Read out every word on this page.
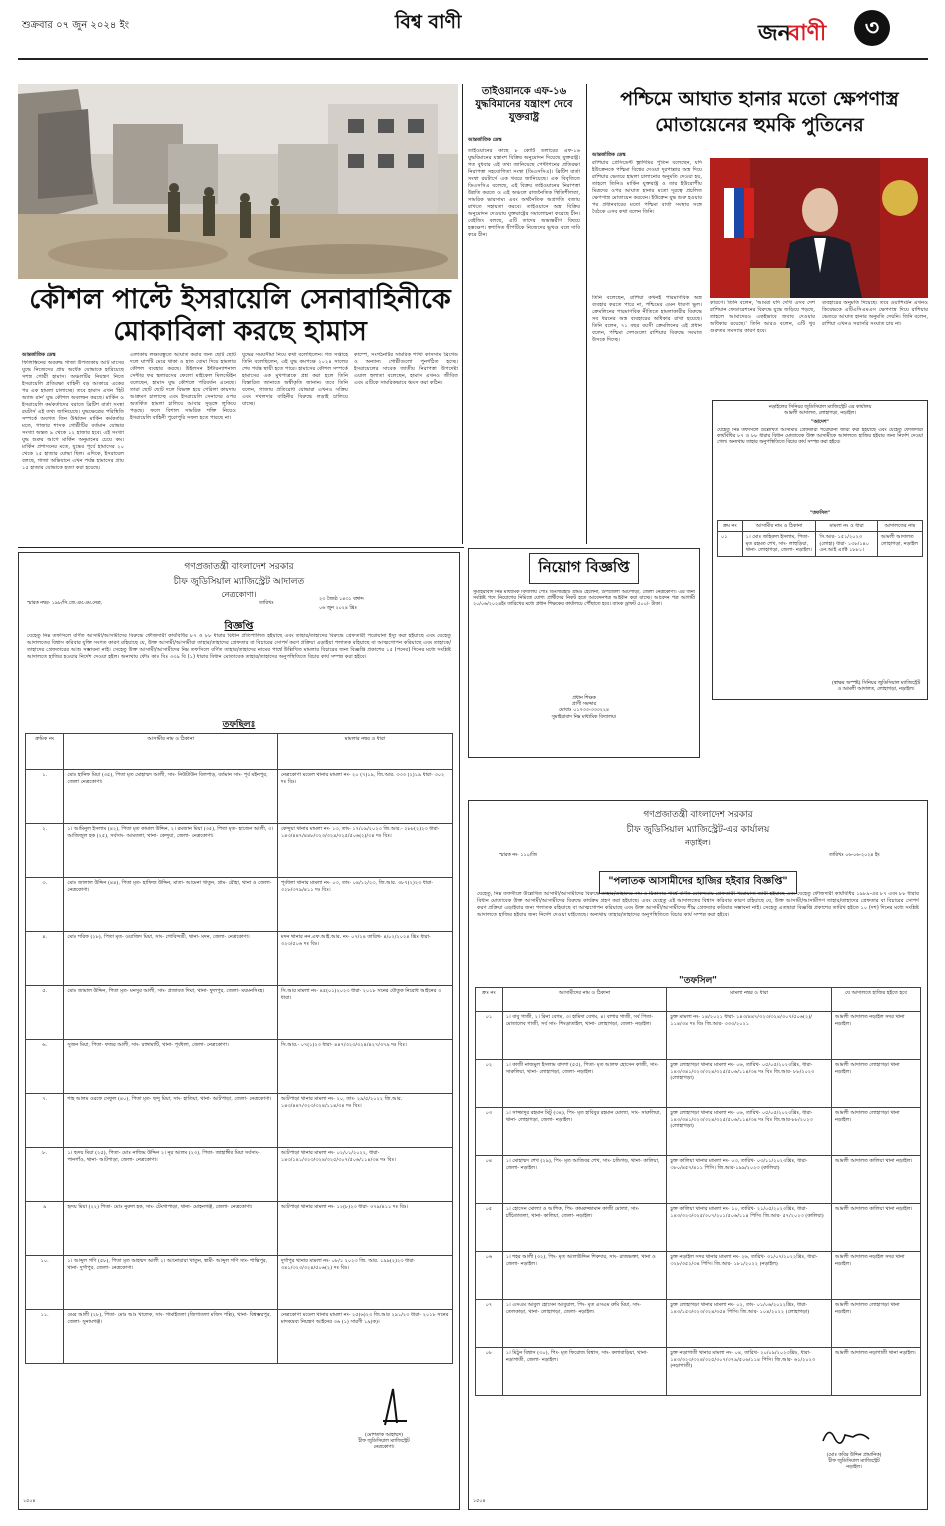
শুক্রবার ০৭ জুন ২০২৪ ইং	বিশ্ব বাণী	জন
বাণী	৩
কৌশল পাল্টে ইসরায়েলি সেনাবাহিনীকে
মোকাবিলা করছে হামাস
আন্তর্জাতিক ডেস্ক
ফিলিস্তিনের অবরুদ্ধ গাজা উপত্যকায় আট মাসের যুদ্ধে নিজেদের প্রায় অর্ধেক যোদ্ধাকে হারিয়েছে সশস্ত্র গোষ্ঠী হামাস। অঞ্চলটির নিয়ন্ত্রণ নিতে ইসরায়েলি প্রতিরক্ষা বাহিনী বড় আকারে একের পর এক হামলা চালাচ্ছে। তবে হামাস এখন 'হিট অ্যান্ড রান' যুদ্ধ কৌশল অবলম্বন করছে। মার্কিন ও ইসরায়েলি কর্মকর্তাদের বরাতে ব্রিটিশ বার্তা সংস্থা রয়টার্স এই তথ্য জানিয়েছে। যুদ্ধক্ষেত্রের পরিস্থিতি সম্পর্কে অবগত তিন উর্ধ্বতন মার্কিন কর্মকর্তার মতে, গাজার শাসক গোষ্ঠীটির বর্তমান যোদ্ধার সংখ্যা অন্তত ৯ থেকে ১২ হাজার হবে। এই সংখ্যা যুদ্ধ শুরুর আগে মার্কিন অনুমানের চেয়ে কম। মার্কিন প্রশাসনের মতে, যুদ্ধের পূর্বে হামাসের ২০ থেকে ২৫ হাজার যোদ্ধা ছিল। এদিকে, ইসরায়েল বলছে, গাজা অভিযানে এখন পর্যন্ত হামাসের প্রায় ১৫ হাজার যোদ্ধাকে হত্যা করা হয়েছে।
এলাকায় লক্ষ্যবস্তুতে আঘাত করার জন্য ছোট ছোট দলে ঘাপটি মেরে থাকা ও হাত বোমা দিয়ে হামলার কৌশল ব্যবহার করছে। উইলসন ইন্টারন্যাশনাল সেন্টার ফর স্কলারসের ফেলো মাইকেল মিলস্টেইন বলেছেন, হামাস যুদ্ধ কৌশলে পরিবর্তন এনেছে। তারা ছোট ছোট দলে বিভক্ত হয়ে গেরিলা কায়দায় আক্রমণ চালাচ্ছে এবং ইসরায়েলি সেনাদের ওপর অতর্কিত হামলা চালিয়ে আবার সুড়ঙ্গে লুকিয়ে পড়ছে। ফলে বিশাল সামরিক শক্তি নিয়েও ইসরায়েলি বাহিনী পুরোপুরি সফল হতে পারছে না।
যুদ্ধের সময়সীমা নিয়ে কথা বলেছিলেন। গত সপ্তাহে তিনি বলেছিলেন, এই যুদ্ধ কমপক্ষে ২০২৪ সালের শেষ পর্যন্ত স্থায়ী হতে পারে। হামাসের কৌশল সম্পর্কে হামাসের এক মুখপাত্রকে প্রশ্ন করা হলে তিনি বিস্তারিত জানাতে অস্বীকৃতি জানান। তবে তিনি বলেন, গাজায় প্রতিরোধ যোদ্ধারা এখনও সক্রিয় এবং দখলদার বাহিনীর বিরুদ্ধে লড়াই চালিয়ে যাচ্ছে।
কাম্পে, সংগঠনটির সামরিক শাখা কাসসাম ব্রিগেড ও অন্যান্য গোষ্ঠীগুলো পুনর্গঠিত হচ্ছে। ইসরায়েলের সাবেক জাতীয় নিরাপত্তা উপদেষ্টা এয়াল হুলাতা বলেছেন, হামাস এখনও জীবিত এবং এটিকে সামরিকভাবে ধ্বংস করা কঠিন।
তাইওয়ানকে এফ-১৬ যুদ্ধবিমানের যন্ত্রাংশ দেবে যুক্তরাষ্ট্র
আন্তর্জাতিক ডেস্ক
তাইওয়ানের কাছে ৮ কোটি ডলারের এফ-১৬ যুদ্ধবিমানের যন্ত্রাংশ বিক্রির অনুমোদন দিয়েছে যুক্তরাষ্ট্র। গত বুধবার এই তথ্য জানিয়েছে পেন্টাগনের প্রতিরক্ষা নিরাপত্তা সহযোগিতা সংস্থা (ডিএসসিএ)। ব্রিটিশ বার্তা সংস্থা রয়টার্সে এক খবরে জানিয়েছে। এক বিবৃতিতে ডিএসসিএ বলেছে, এই বিক্রয় তাইওয়ানের নিরাপত্তা উন্নতি করতে ও এই অঞ্চলে রাজনৈতিক স্থিতিশীলতা, সামরিক ভারসাম্য এবং অর্থনৈতিক অগ্রগতি বজায় রাখতে সহায়তা করবে। তাইওয়ানে অস্ত্র বিক্রির অনুমোদন দেওয়ায় যুক্তরাষ্ট্রের সমালোচনা করেছে চীন। বেইজিং বলছে, এটি তাদের অভ্যন্তরীণ বিষয়ে হস্তক্ষেপ। স্বশাসিত দ্বীপটিকে নিজেদের ভূখণ্ড বলে দাবি করে চীন।
পশ্চিমে আঘাত হানার মতো ক্ষেপণাস্ত্র
মোতায়েনের হুমকি পুতিনের
আন্তর্জাতিক ডেস্ক
রাশিয়ার প্রেসিডেন্ট ভ্লাদিমির পুতিন বলেছেন, যদি ইউক্রেনকে পশ্চিমা বিশ্বের দেওয়া দূরপাল্লার অস্ত্র দিয়ে রাশিয়ার ভেতরে হামলা চালানোর অনুমতি দেওয়া হয়, তাহলে তিনিও মার্কিন যুক্তরাষ্ট্র ও তার ইউরোপীয় মিত্রদের ওপর আঘাত হানার মতো দূরত্বে প্রচলিত ক্ষেপণাস্ত্র মোতায়েন করবেন। ইউক্রেন যুদ্ধ শুরু হওয়ার পর প্রধানবারের মতো পশ্চিমা বার্তা সংস্থার সঙ্গে বৈঠকে এসব কথা বলেন তিনি।
তিনি বলেছেন, রাশিয়া কখনই পারমাণবিক অস্ত্র ব্যবহার করতে পারে না, পশ্চিমের এমন ধারণা ভুল। ক্রেমলিনের পারমাণবিক নীতিতে হামলাকারীর বিরুদ্ধে সব ধরনের অস্ত্র ব্যবহারের অধিকার রাখা হয়েছে। তিনি বলেন, ৭১ বছর বয়সী ক্রেমলিনের এই প্রধান বলেন, পশ্চিমা দেশগুলো রাশিয়ার বিরুদ্ধে সংঘাত উসকে দিচ্ছে।
কারণে। তিনি বলেন, 'আমরা যদি দেখি এসব দেশ রাশিয়ান ফেডারেশনের বিরুদ্ধে যুদ্ধে জড়িয়ে পড়ছে, তাহলে আমাদেরও একইভাবে জবাব দেওয়ার অধিকার রয়েছে।' তিনি আরও বলেন, এটি খুব গুরুতর সমস্যার কারণ হবে।
ব্যবহারের অনুমতি দিয়েছে। তবে ওয়াশিংটন এখনও কিয়েভকে এটিএসিএমএস ক্ষেপণাস্ত্র দিয়ে রাশিয়ার ভেতরে আঘাত হানার অনুমতি দেয়নি। তিনি বলেন, রাশিয়া এখনও সরাসরি সংঘাত চায় না।
নড়াইলের সিনিয়র জুডিসিয়াল ম্যাজিস্ট্রেট এর কার্যালয়
আমলী আদালত, লোহাগড়া, নড়াইল।
"আদেশ"
যেহেতু নিম্ন তফসিলে উল্লেখিত আসামীর গ্রেফতারী পরোয়ানা জারী করা হইয়াছে এবং যেহেতু ফৌজদারী কার্যবিধির ৮৭ ও ৮৮ ধারার বিধান মোতাবেক উক্ত আসামীকে আদালতে হাজির হইবার জন্য নির্দেশ দেওয়া গেল। অন্যথায় তাহার অনুপস্থিতিতে বিচার কার্য সম্পন্ন করা হইবে।
"তফসিল"
ক্রম নং	আসামীর নাম ও ঠিকানা	মামলা নং ও ধারা	আদালতের নাম
০১	১। মোঃ জহিরুল ইসলাম, পিতা- মৃত রহমত শেখ, সাং- লাহুড়িয়া, থানা- লোহাগড়া, জেলা- নড়াইল।	সি.আর- ১৫১/২০২৩ (লোহা) ধারা- ১৩৮/১৪০ এন.আই এ্যাক্ট ১৮৮১।	আমলী আদালত লোহাগড়া, নড়াইল
(স্বাক্ষর অস্পষ্ট) সিনিয়র জুডিসিয়াল ম্যাজিস্ট্রেট ও আমলী আদালত, লোহাগড়া, নড়াইল।
নিয়োগ বিজ্ঞপ্তি
সুমাইরাবাদ নিম্ন মাধ্যমিক বিদ্যালয় পোঃ ডিংগারহাট গ্রামঃ হেলেনা, উপজেলা আটপাড়া, জেলা নেত্রকোণা। এর জন্য সংশ্লিষ্ট পদে নিয়োগের নিমিত্তে যোগ্য প্রার্থীদের নিকট হতে আবেদনপত্র আহ্বান করা যাচ্ছে। আবেদন পত্র আগামী ২০/০৬/২০২৪ইং তারিখের মধ্যে প্রধান শিক্ষকের কার্যালয়ে পৌঁছাতে হবে। ব্যাংক ড্রাফট ৫০০/- টাকা।
প্রধান শিক্ষক
প্রাণী সমদ্দার
মোবাঃ ০১৭৩৩-৩৩৩২২৪
সুমাইরাবাদ নিম্ন মাধ্যমিক বিদ্যালয়।
গণপ্রজাতন্ত্রী বাংলাদেশ সরকার
চীফ জুডিসিয়াল ম্যাজিস্ট্রেট আদালত
নেত্রকোণা।
স্মারক নম্বর- ১৯৮/সি.জে.এম.এম.নেত্র,	তারিখঃ
২৩ জ্যৈষ্ঠ ১৪৩১ বঙ্গাব্দ
০৬ জুন ২০২৪ খ্রিঃ
বিজ্ঞপ্তি
যেহেতু নিম্ন তফসিলে বর্ণিত আসামী/আসামীদের বিরুদ্ধে ফৌজদারী কার্যবিধির ৮৭ ও ৮৮ ধারার বিধান প্রতিপালিত হইয়াছে এবং তাহার/তাহাদের বিরুদ্ধে গ্রেফতারী পরোয়ানা ইস্যু করা হইয়াছে এবং যেহেতু আদালতের বিশ্বাস করিবার যুক্তি সংগত কারণ রহিয়াছে যে, উক্ত আসামী/আসামীরা তাহার/তাহাদের গ্রেফতার বা বিচারের সোপর্দ করণ প্রক্রিয়া এড়াইয়া পলাতক রহিয়াছে বা আত্মগোপন করিয়াছে এবং তাহাকে/তাহাদের গ্রেফতারের আশু সম্ভাবনা নাই। সেহেতু উক্ত আসামী/আসামীদের নিম্ন তফসিলে বর্ণিত তাহার/তাহাদের নামের পার্শ্বে উল্লিখিত মামলার বিচারের জন্য বিজ্ঞপ্তি প্রকাশের ১৫ (পনের) দিনের মধ্যে সংশ্লিষ্ট আদালতে হাজির হওয়ার নির্দেশ দেওয়া হইল। অন্যথায় ফৌঃ কাঃ বিঃ ৩৩৯ বি (১) ধারার বিধান মোতাবেক তাহার/তাহাদের অনুপস্থিতিতে বিচার কার্য সম্পন্ন করা হইবে।
তফছিলঃ
ক্রমিক নং	আসামীর নাম ও ঠিকানা	মামলার নম্বর ও ধারা
১.	মোঃ হানিফ মিয়া (৩৫), পিতা মৃত মোহাম্মদ আলী, সাং- নিউটাউন বিলপাড়, বর্তমান সাং- পূর্ব মইনপুর, জেলা নেত্রকোণা।	নেত্রকোণা মডেল থানার মামলা নং- ২০ (৭)১৯, জি.আর. ৩৩৩ (২)১৯ ধারা- ৩০২ দঃ বিঃ।
২.	১। আমিনুল ইসলাম (৪২), পিতা মৃত কামাল উদ্দিন, ২। রমজান মিয়া (৩৫), পিতা মৃত- হাজেন আলী, ৩। আজিজুল হক (২৫), সর্বসাং- আমতলা, থানা- কেন্দুয়া, জেলা- নেত্রকোণা।	কেন্দুয়া থানার মামলা নং- ১৩, তাং- ১৭/০৯/২০২৩ জি.আর.- ২৮৮(২)২৩ ধারা- ১৪৩/৪৪৭/৪৪৮/৩২৩/৩২৪/৩২৫/৫০৬(২)/৩৪ দঃ বিঃ।
৩.	মোঃ জালাল উদ্দিন (৪৪), পিতা মৃত- হাফিজ উদ্দিন, মাতা- আমেনা খাতুন, গ্রাম- রৌহা, থানা ও জেলা- নেত্রকোণা।	পূর্বধলা থানার মামলা নং- ০৩, তাং- ০৪/১২/২৩, জি.আর. ৩৮৭(২)২৩ ধারা- ৩২৮/৩৭৯/৪১১ দঃ বিঃ।
৪.	মোঃ শরিফ (২৮), পিতা মৃত- ওয়াজিদ মিয়া, সাং- গোবিন্দশ্রী, থানা- মদন, জেলা- নেত্রকোণা।	মদন থানার নন.এফ.আই.আর. নং- ০৭/২৪ তারিখ- ৪/০২/২০২৪ খ্রিঃ ধারা- ৩২৩/৫০৬ দঃ বিঃ।
৫.	মোঃ জামাল উদ্দিন, পিতা মৃত- মনসুর আলী, সাং- প্রজাবত দিঘা, থানা- ফুলপুর, জেলা- ময়মনসিংহ।	সি.আর মামলা নং- ৪৫(০১)২০২৩ ধারা- ২০১৮ সনের যৌতুক নিরোধ আইনের ৩ ধারা।
৬.	সুজন মিয়া, পিতা- ফজর আলী, সাং- রাঙ্গামাটি, থানা- পূর্বধলা, জেলা- নেত্রকোণা।	সি.আর.- ০৭(১)২৩ ধারা- ৪৪৭/৩২৩/৩২৪/৪২৭/৩৭৯ দঃ বিঃ।
৭.	শাহ আলম ওরফে সেফুল (৪০), পিতা মৃত- ছন্দু মিয়া, সাং- হাতিয়া, থানা- আটপাড়া, জেলা- নেত্রকোণা।	আটপাড়া থানার মামলা নং- ২০, তাং- ২৯/৫/২০২২ জি.আর. ১৪৩/৪৪৭/৩২৩/৩২৪/১১৪/৩৪ দঃ বিঃ।
৮.	১। হৃদয় মিয়া (২৫), পিতা- মোঃ নাজিম উদ্দিন ২। নূর আলম (২৩), পিতা- জাহাঙ্গীর মিয়া সর্বসাং- পানগাঁও, থানা- আটপাড়া, জেলা- নেত্রকোণা।	আটপাড়া থানার মামলা নং- ০২/০১/২০২২, ধারা- ১৪৩/১৪১/৩২৩/৩২৪/৩২৫/৩০৭/৫০৬/১১৪/৩৪ দঃ বিঃ।
৯	হৃদয় মিয়া (২২) পিতা- মোঃ নুরুল হক, সাং- টেংগাপাড়া, থানা- মোহনগঞ্জ, জেলা- নেত্রকোণা।	আটপাড়া থানার মামলা নং- ১২(৮)২৩ ধারা- ৩৭৯/৪১১ দঃ বিঃ।
১০.	১। আব্দুল গণি (৫৮), পিতা মৃত আহম্মদ আলী ২। আনোয়ারা খাতুন, স্বামী- আব্দুল গণি সাং- শান্তিপুর, থানা- দুর্গাপুর, জেলা- নেত্রকোণা।	দুর্গাপুর থানার মামলা নং- ০৮/১ ২০২৩ জি. আর. ১৯৯(২)২৩ ধারা- ৩৪১/৩২৩/৩২৪/৫০৬(২) দঃ বিঃ।
১১.	ওমর আলী (২৮), পিতা- মোঃ আঃ খালেক, সাং- গামাইতলা (জিগাতলা মজিদ পল্লি), থানা- বিশ্বম্ভরপুর, জেলা- সুনামগঞ্জ।	নেত্রকোণা মডেল থানার মামলা নং- ২৫(৬)২৩ জি.আর ২৯১/২৩ ধারা- ২০১৮ সনের মাদকদ্রব্য নিয়ন্ত্রণ আইনের ৩৬ (১) সারণী ১৯(ক)।
(মোশতাক আহাম্মদ)
চীফ জুডিসিয়াল ম্যাজিস্ট্রেট
নেত্রকোণা।
১৫০৪
গণপ্রজাতন্ত্রী বাংলাদেশ সরকার
চীফ জুডিসিয়াল ম্যাজিস্ট্রেট-এর কার্যালয়
নড়াইল।
স্মারক নং- ১১০/জি	তারিখঃ ০৬-০৬-২০২৪ ইং
"পলাতক আসামীদের হাজির হইবার বিজ্ঞপ্তি"
যেহেতু, নিম্ন তফসীলে উল্লেখিত আসামী/আসামীদের বিরুদ্ধে তাহার/তাহাদের নাম ও ঠিকানার পার্শ্বে বর্ণিত মোকদ্দমায় গ্রেফতারী পরোয়ানা জারী হইয়াছে এবং যেহেতু ফৌজদারী কার্যবিধির ১৯৮৯-এর ৮৭ এবং ৮৮ ধারার বিধান মোতাবেক উক্ত আসামী/আসামীদের বিরুদ্ধে কার্যক্রম গ্রহণ করা হইয়াছে। এবং যেহেতু এই আদালতের বিশ্বাস করিবার কারণ রহিয়াছে যে, উক্ত আসামী/আসামীগণ তাহার/তাহাদের গ্রেফতার বা বিচারের সোপর্দ করণ প্রক্রিয়া এড়াইবার জন্য পলাতক রহিয়াছে বা আত্মগোপন করিয়াছে এবং উক্ত আসামী/আসামীদের শীঘ্র গ্রেফতার করিবার সম্ভাবনা নাই। সেহেতু এতদ্বারা বিজ্ঞপ্তি প্রকাশের তারিখ হইতে ১০ (দশ) দিনের মধ্যে সংশ্লিষ্ট আদালতে হাজির হইবার জন্য নির্দেশ দেওয়া যাইতেছে। অন্যথায় তাহার/তাহাদের অনুপস্থিতিতে বিচার কার্য সম্পন্ন করা হইবে।
"তফসিল"
ক্রঃ নং	আসামীদের নাম ও ঠিকানা	মামলা নম্বর ও ধারা	যে আদালতে হাজির হইতে হবে
০১	১। বাবু গাজী, ২। রিনা বেগম, ৩। হামিদা বেগম, ৪। বাশার গাজী, সর্ব পিতা- মোতালেব গাজী, সর্ব সাং- শিংড়াতাইল, থানা- লোহাগড়া, জেলা- নড়াইল।	চুক্ত মামলা নং- ১৪/২০২১ ধারা- ১৪৩/৪৪৭/৩২৩/৩২৪/৩০৭/৫০৬(২)/১১৪/৩৪ দঃ বিঃ জি.আর- ৩৩৩/২০২১	আমলী আদালত নড়াইল সদর থানা নড়াইল।
০২	১। কাজী নাজমুল ইসলাম বাদশা (৫৫), পিতা- মৃত আলফ হোসেন কাজী, সাং- সারুলিয়া, থানা- লোহাগড়া, জেলা- নড়াইল।	চুক্ত লোহাগড়া থানার মামলা নং- ০৬, তারিখ- ০৫/০৫/২০২৩খ্রিঃ, ধারা- ১৪৩/৩৪১/৩২৩/৩২৪/৩২৫/৫০৬/১১৪/৩৪ দঃ বিঃ জি.আর- ৮৮/২০২৩ (লোহাগড়া)	আমলী আদালত লোহাগড়া থানা নড়াইল।
০৩	১। সাজ্জাদুর রহমান মিটু (৩৪), পিং- মৃত হাবিবুর রহমান মোল্যা, সাং- সারুলিয়া, থানা- লোহাগড়া, জেলা- নড়াইল।	চুক্ত লোহাগড়া থানার মামলা নং- ০৬, তারিখ- ০৫/০৫/২০২৩খ্রিঃ, ধারা- ১৪৩/৩৪১/৩২৩/৩২৪/৩২৫/৫০৬/১১৪/৩৪ দঃ বিঃ জি.আর-৮৮/২০২৩ (লোহাগড়া)	আমলী আদালত লোহাগড়া থানা নড়াইল।
০৪	১। মোহাম্মদ শেখ (২৯), পিং- মৃত আজিবর শেখ, সাং- চন্ডিগড়, থানা- কালিয়া, জেলা- নড়াইল।	চুক্ত কালিয়া থানার মামলা নং- ০৩, তারিখ- ০৩/১১/২০২৩খ্রিঃ, ধারা- ৩৮০/৪৫৭/৪১১ পিসি। জি.আর-১৯৯/২০২৩ (কালিয়া)	আমলী আদালত কালিয়া থানা নড়াইল।
০৫	১। হোসেন মোল্যা ও আশিক, পিং- কামরুজ্জামান কাজী মোল্যা, সাং- চাঁচিতাতলা, থানা- কালিয়া, জেলা- নড়াইল।	চুক্ত কালিয়া থানার মামলা নং- ১০, তারিখ- ২১/০৫/২০২৩খ্রিঃ, ধারা- ১৪৩/৩২৩/৩২৫/৩০৭/২০১/৫০৬/১১৪ পিসি। জি.আর- ৫৭/২০২৩ (কালিয়া)	আমলী আদালত কালিয়া থানা নড়াইল।
০৬	১। শহর আলী (৩২), পিং- মৃত আলাউদ্দিন শিকদার, সাং- রাজভক্তা, থানা ও জেলা- নড়াইল।	চুক্ত নড়াইল সদর থানার মামলা নং- ২৬, তারিখ- ৩১/০৭/২০২২খ্রিঃ, ধারা- ৩২৮/৩৫২/৩৪ পিসি। জি.আর- ১৮১/২০২২ (নড়াইল)	আমলী আদালত নড়াইল সদর থানা নড়াইল।
০৭	১। এসএম আবুল হোসেন আবুয়াল, পিং- মৃত এসএম রুমি মিয়া, সাং- তেলকাড়া, থানা- লোহাগড়া, জেলা- নড়াইল।	চুক্ত লোহাগড়া থানার মামলা নং- ০২, তাং- ০১/০৬/২০২২খ্রিঃ, ধারা- ১৪৩/১৫৩/৩২৩/৩২৪/৩৫৪ পিসি। জি.আর- ১০৪/২০২২ (লোহাগড়া)	আমলী আদালত লোহাগড়া থানা নড়াইল।
০৮	১। মিঠুন বিশ্বাস (৩০), পিং- মৃত ফিরোজ বিশ্বাস, সাং- কলাবাড়িয়া, থানা- নড়াগাতী, জেলা- নড়াইল।	চুক্ত নড়াগাতী থানার মামলা নং- ০৪, তারিখ- ২০/০৯/২০২৩খ্রিঃ, ধারা- ১৪৩/৩২৩/৩২৪/৩২৫/৩০৭/৩৭৯/৫০৬/১১৪ পিসি। জি.আর- ৬১/২০২৩ (নড়াগাতী)	আমলী আদালত নড়াগাতী থানা নড়াইল।
(মোঃ কবির উদ্দিন প্রামানিক)
চীফ জুডিসিয়াল ম্যাজিস্ট্রেট
নড়াইল।
১৫০৪
